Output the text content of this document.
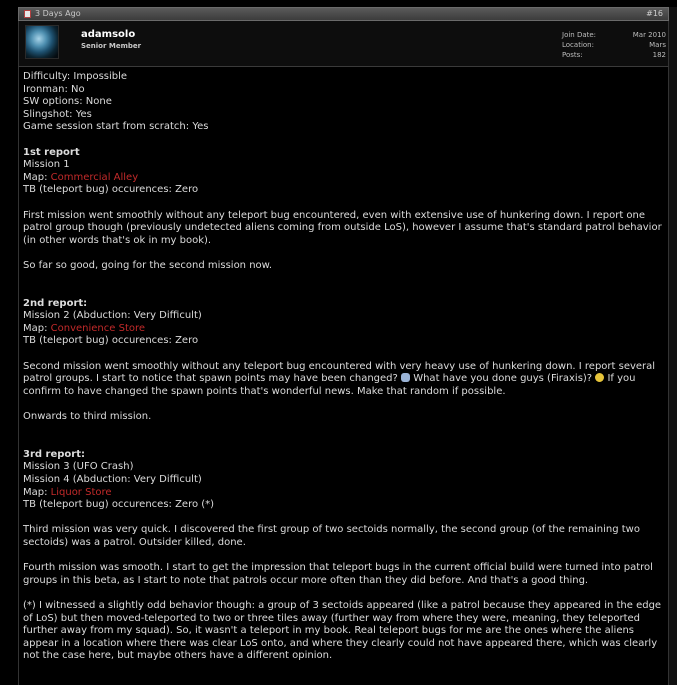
3 Days Ago	#16
adamsolo
Senior Member
Join Date:	Mar 2010
Location:	Mars
Posts:	182

Difficulty: Impossible

Ironman: No

SW options: None

Slingshot: Yes

Game session start from scratch: Yes

1st report

Mission 1

Map: Commercial Alley

TB (teleport bug) occurences: Zero

First mission went smoothly without any teleport bug encountered, even with extensive use of hunkering down. I report one patrol group though (previously undetected aliens coming from outside LoS), however I assume that's standard patrol behavior (in other words that's ok in my book).

So far so good, going for the second mission now.

2nd report:

Mission 2 (Abduction: Very Difficult)

Map: Convenience Store

TB (teleport bug) occurences: Zero

Second mission went smoothly without any teleport bug encountered with very heavy use of hunkering down. I report several patrol groups. I start to notice that spawn points may have been changed?  What have you done guys (Firaxis)?  If you confirm to have changed the spawn points that's wonderful news. Make that random if possible.

Onwards to third mission.

3rd report:

Mission 3 (UFO Crash)

Mission 4 (Abduction: Very Difficult)

Map: Liquor Store

TB (teleport bug) occurences: Zero (*)

Third mission was very quick. I discovered the first group of two sectoids normally, the second group (of the remaining two sectoids) was a patrol. Outsider killed, done.

Fourth mission was smooth. I start to get the impression that teleport bugs in the current official build were turned into patrol groups in this beta, as I start to note that patrols occur more often than they did before. And that's a good thing.

(*) I witnessed a slightly odd behavior though: a group of 3 sectoids appeared (like a patrol because they appeared in the edge of LoS) but then moved-teleported to two or three tiles away (further way from where they were, meaning, they teleported further away from my squad). So, it wasn't a teleport in my book. Real teleport bugs for me are the ones where the aliens appear in a location where there was clear LoS onto, and where they clearly could not have appeared there, which was clearly not the case here, but maybe others have a different opinion.
